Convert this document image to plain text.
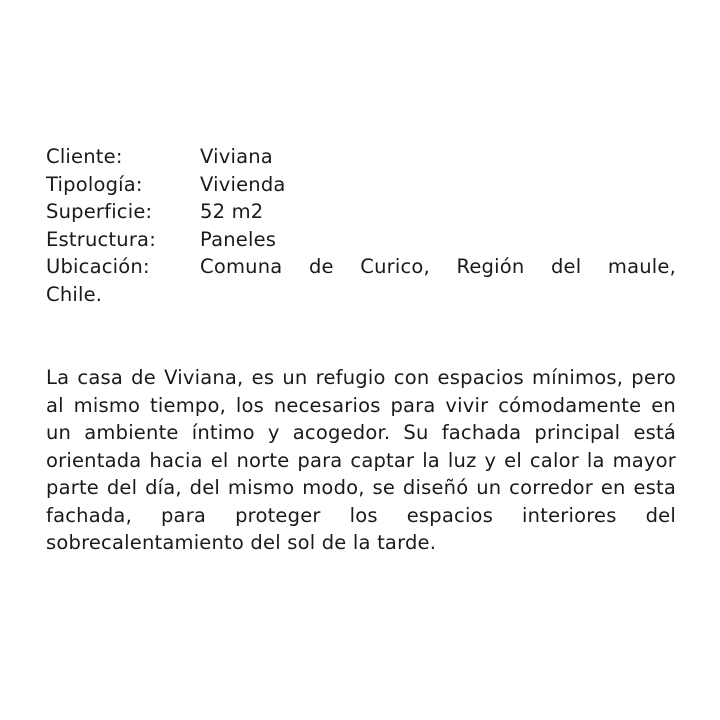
Cliente:	Viviana
Tipología:	Vivienda
Superficie: 52 m2
Estructura: Paneles
Ubicación:	Comuna de Curico, Región del maule,
Chile.

La casa de Viviana, es un refugio con espacios mínimos, pero al mismo tiempo, los necesarios para vivir cómodamente en un ambiente íntimo y acogedor. Su fachada principal está orientada hacia el norte para captar la luz y el calor la mayor parte del día, del mismo modo, se diseñó un corredor en esta fachada, para proteger los espacios interiores del sobrecalentamiento del sol de la tarde.
